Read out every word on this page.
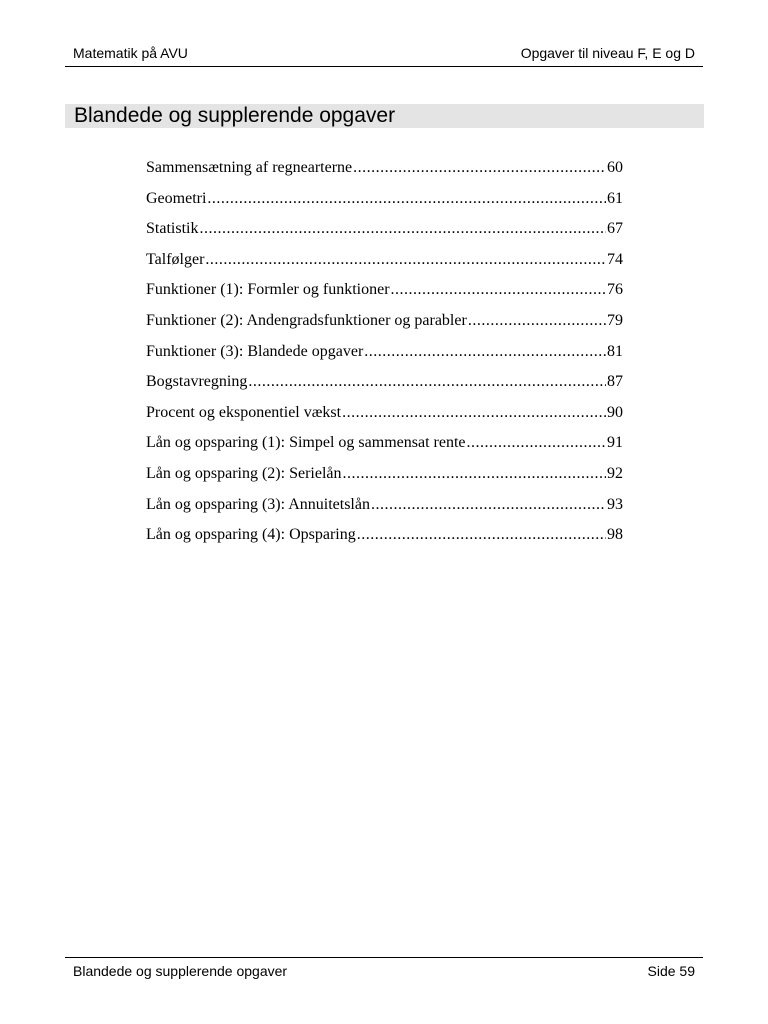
Matematik på AVU	Opgaver til niveau F, E og D
Blandede og supplerende opgaver
Sammensætning af regnearterne .....	60
Geometri .....	61
Statistik .....	67
Talfølger .....	74
Funktioner (1): Formler og funktioner .....	76
Funktioner (2): Andengradsfunktioner og parabler .....	79
Funktioner (3): Blandede opgaver .....	81
Bogstavregning .....	87
Procent og eksponentiel vækst .....	90
Lån og opsparing (1): Simpel og sammensat rente .....	91
Lån og opsparing (2): Serielån .....	92
Lån og opsparing (3): Annuitetslån .....	93
Lån og opsparing (4): Opsparing .....	98
Blandede og supplerende opgaver	Side 59
